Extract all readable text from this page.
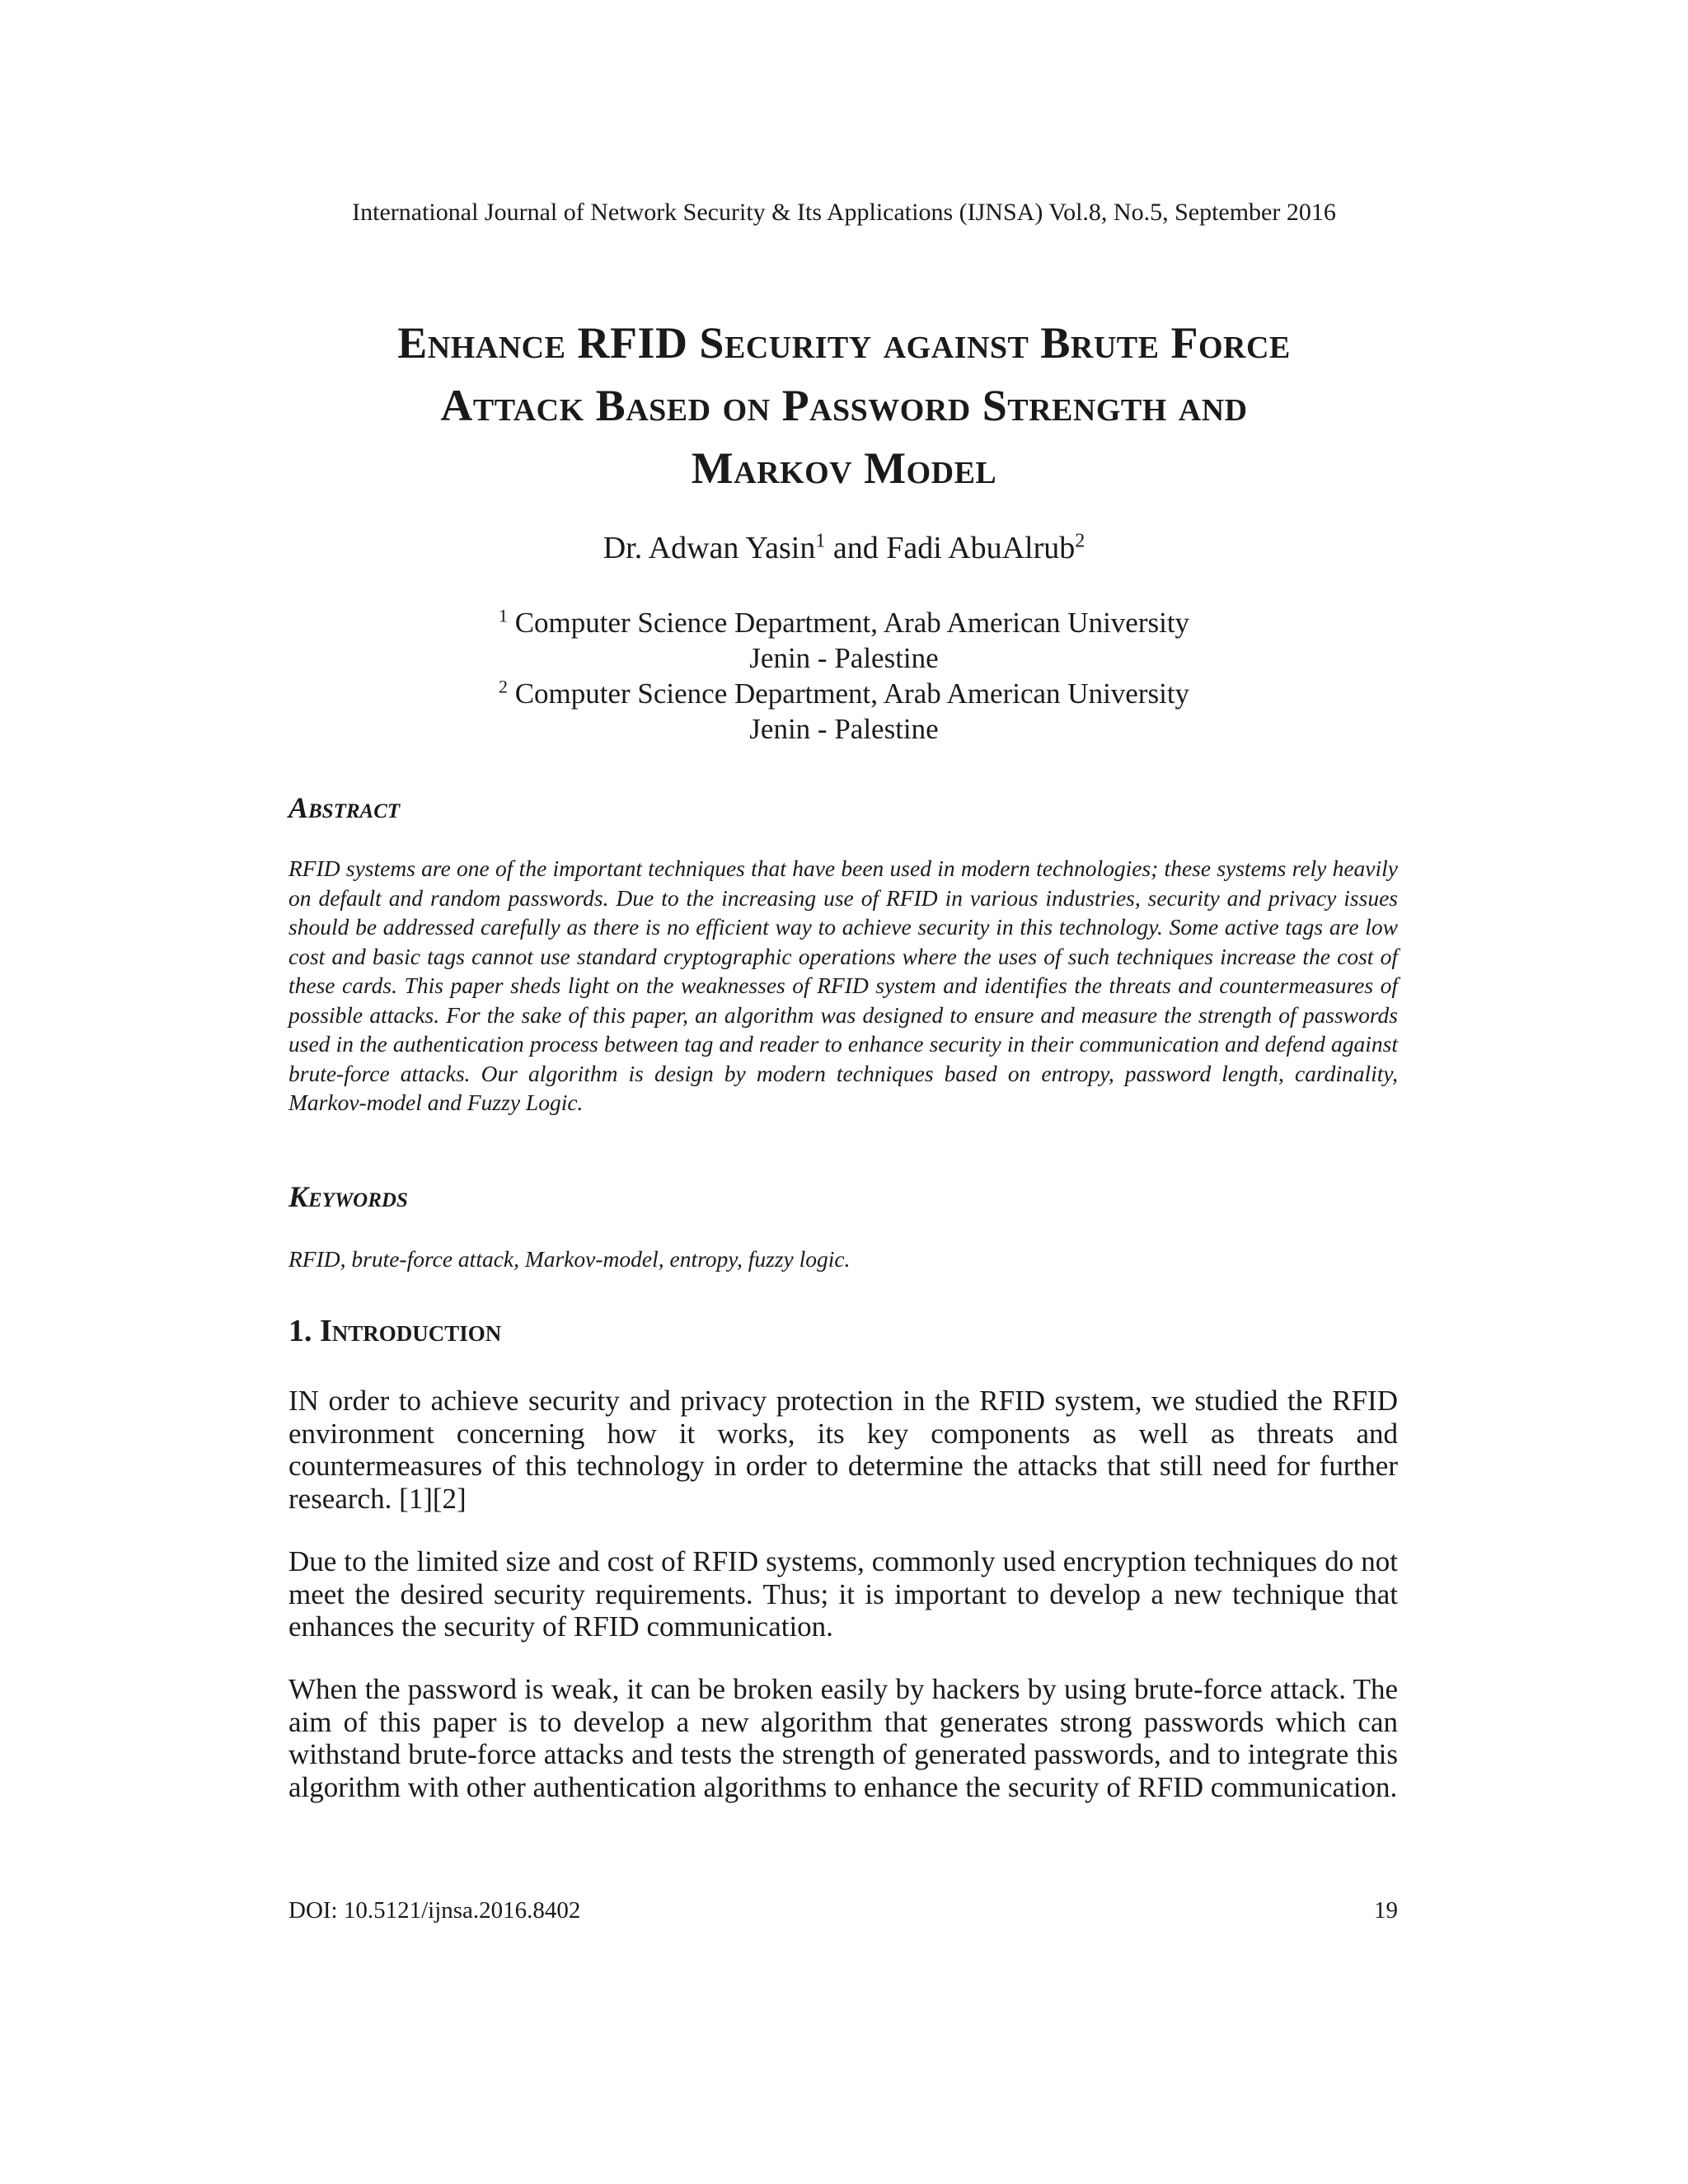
International Journal of Network Security & Its Applications (IJNSA) Vol.8, No.5, September 2016
Enhance RFID Security against Brute Force
Attack Based on Password Strength and
Markov Model
Dr. Adwan Yasin$^1$ and Fadi AbuAlrub$^2$
$^1$ Computer Science Department, Arab American University
Jenin - Palestine
$^2$ Computer Science Department, Arab American University
Jenin - Palestine
Abstract
RFID systems are one of the important techniques that have been used in modern technologies; these systems rely heavily on default and random passwords. Due to the increasing use of RFID in various industries, security and privacy issues should be addressed carefully as there is no efficient way to achieve security in this technology. Some active tags are low cost and basic tags cannot use standard cryptographic operations where the uses of such techniques increase the cost of these cards. This paper sheds light on the weaknesses of RFID system and identifies the threats and countermeasures of possible attacks. For the sake of this paper, an algorithm was designed to ensure and measure the strength of passwords used in the authentication process between tag and reader to enhance security in their communication and defend against brute-force attacks. Our algorithm is design by modern techniques based on entropy, password length, cardinality, Markov-model and Fuzzy Logic.
Keywords
RFID, brute-force attack, Markov-model, entropy, fuzzy logic.
1. Introduction
IN order to achieve security and privacy protection in the RFID system, we studied the RFID environment concerning how it works, its key components as well as threats and countermeasures of this technology in order to determine the attacks that still need for further research. [1][2]
Due to the limited size and cost of RFID systems, commonly used encryption techniques do not meet the desired security requirements. Thus; it is important to develop a new technique that enhances the security of RFID communication.
When the password is weak, it can be broken easily by hackers by using brute-force attack. The aim of this paper is to develop a new algorithm that generates strong passwords which can withstand brute-force attacks and tests the strength of generated passwords, and to integrate this algorithm with other authentication algorithms to enhance the security of RFID communication.
DOI: 10.5121/ijnsa.2016.8402	19
